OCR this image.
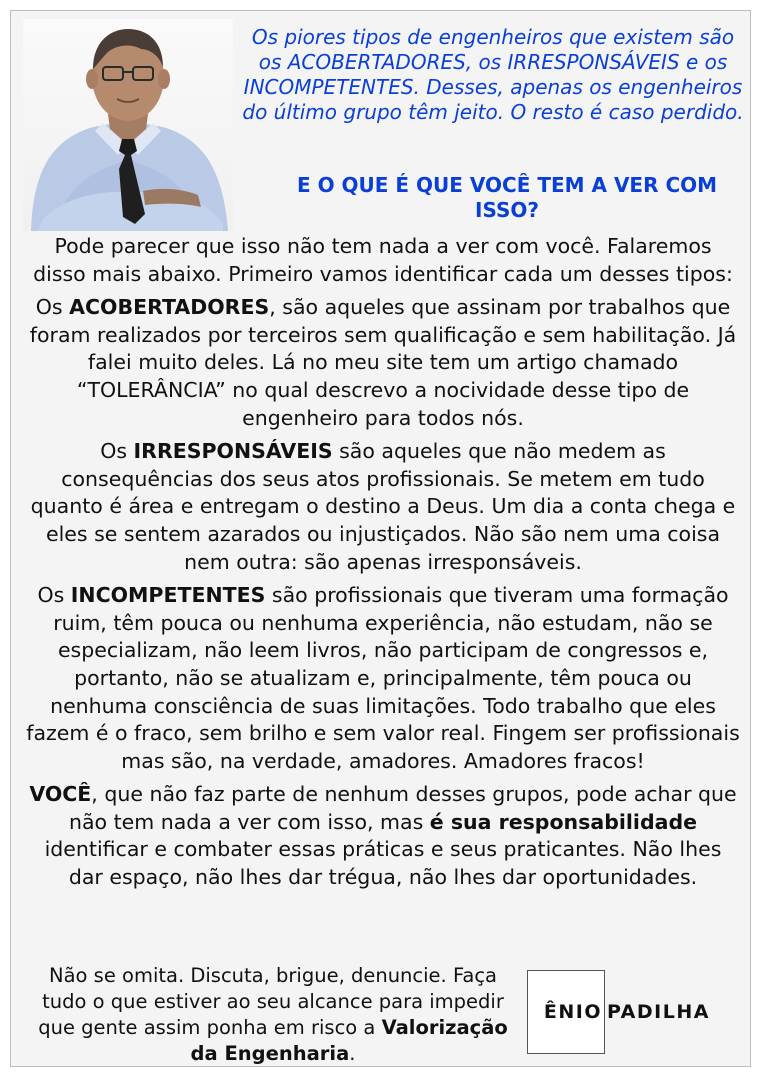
Os piores tipos de engenheiros que existem são os ACOBERTADORES, os IRRESPONSÁVEIS e os INCOMPETENTES. Desses, apenas os engenheiros do último grupo têm jeito. O resto é caso perdido.

E O QUE É QUE VOCÊ TEM A VER COM ISSO?

Pode parecer que isso não tem nada a ver com você. Falaremos disso mais abaixo. Primeiro vamos identificar cada um desses tipos:

Os ACOBERTADORES, são aqueles que assinam por trabalhos que foram realizados por terceiros sem qualificação e sem habilitação. Já falei muito deles. Lá no meu site tem um artigo chamado “TOLERÂNCIA” no qual descrevo a nocividade desse tipo de engenheiro para todos nós.

Os IRRESPONSÁVEIS são aqueles que não medem as consequências dos seus atos profissionais. Se metem em tudo quanto é área e entregam o destino a Deus. Um dia a conta chega e eles se sentem azarados ou injustiçados. Não são nem uma coisa nem outra: são apenas irresponsáveis.

Os INCOMPETENTES são profissionais que tiveram uma formação ruim, têm pouca ou nenhuma experiência, não estudam, não se especializam, não leem livros, não participam de congressos e, portanto, não se atualizam e, principalmente, têm pouca ou nenhuma consciência de suas limitações. Todo trabalho que eles fazem é o fraco, sem brilho e sem valor real. Fingem ser profissionais mas são, na verdade, amadores. Amadores fracos!

VOCÊ, que não faz parte de nenhum desses grupos, pode achar que não tem nada a ver com isso, mas é sua responsabilidade identificar e combater essas práticas e seus praticantes. Não lhes dar espaço, não lhes dar trégua, não lhes dar oportunidades.

Não se omita. Discuta, brigue, denuncie. Faça tudo o que estiver ao seu alcance para impedir que gente assim ponha em risco a Valorização da Engenharia.

ÊNIO PADILHA
